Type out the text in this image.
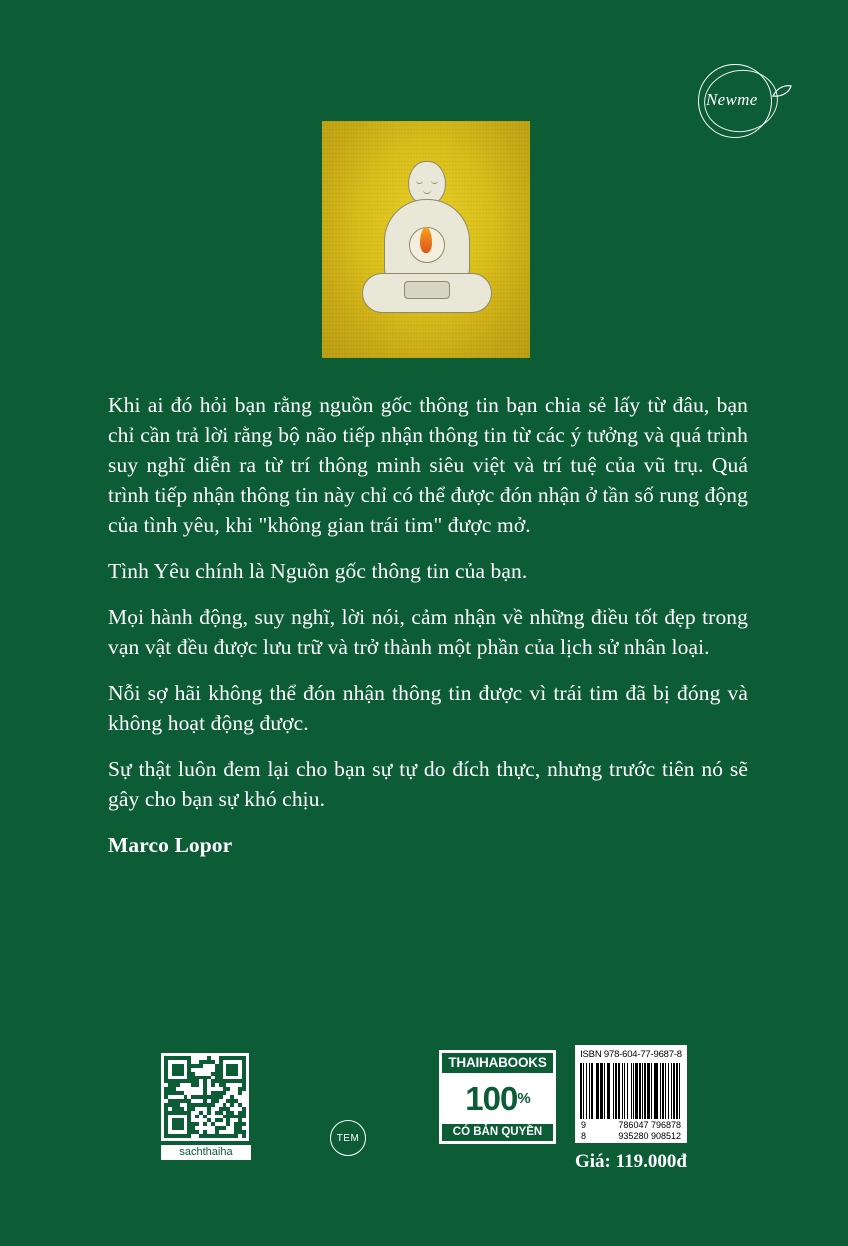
Newme

Khi ai đó hỏi bạn rằng nguồn gốc thông tin bạn chia sẻ lấy từ đâu, bạn chỉ cần trả lời rằng bộ não tiếp nhận thông tin từ các ý tưởng và quá trình suy nghĩ diễn ra từ trí thông minh siêu việt và trí tuệ của vũ trụ. Quá trình tiếp nhận thông tin này chỉ có thể được đón nhận ở tần số rung động của tình yêu, khi "không gian trái tim" được mở.

Tình Yêu chính là Nguồn gốc thông tin của bạn.

Mọi hành động, suy nghĩ, lời nói, cảm nhận về những điều tốt đẹp trong vạn vật đều được lưu trữ và trở thành một phần của lịch sử nhân loại.

Nỗi sợ hãi không thể đón nhận thông tin được vì trái tim đã bị đóng và không hoạt động được.

Sự thật luôn đem lại cho bạn sự tự do đích thực, nhưng trước tiên nó sẽ gây cho bạn sự khó chịu.

Marco Lopor

sachthaiha
TEM
THAIHABOOKS
100 %
CÓ BẢN QUYỀN
ISBN 978-604-77-9687-8
9	786047 796878
8	935280 908512
Giá: 119.000đ
